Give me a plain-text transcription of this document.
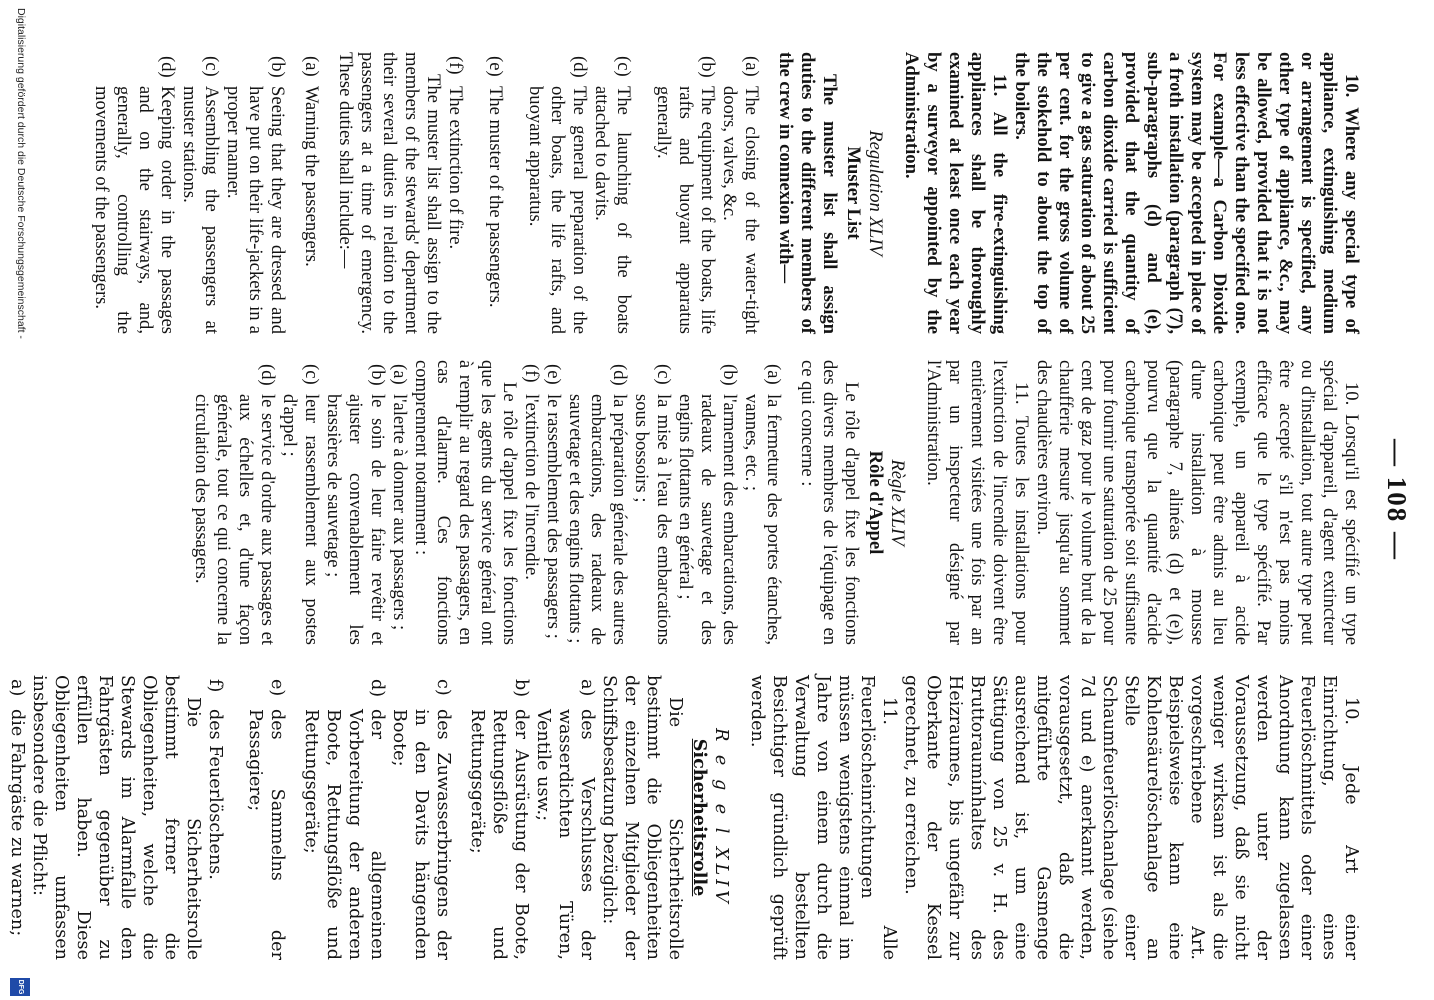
— 108 —

10. Where any special type of appliance, extinguishing medium or arrangement is specified, any other type of appliance, &c., may be allowed, provided that it is not less effective than the specified one. For example—a Carbon Dioxide system may be accepted in place of a froth installation (paragraph (7), sub-paragraphs (d) and (e), provided that the quantity of carbon dioxide carried is sufficient to give a gas saturation of about 25 per cent. for the gross volume of the stokehold to about the top of the boilers.

11. All the fire-extinguishing appliances shall be thoroughly examined at least once each year by a surveyor appointed by the Administration.

Regulation XLIV

Muster List

The muster list shall assign duties to the different members of the crew in connexion with—

(a)
The closing of the water-tight doors, valves, &c.

(b)
The equipment of the boats, life rafts and buoyant apparatus generally.

(c)
The launching of the boats attached to davits.

(d)
The general preparation of the other boats, the life rafts, and buoyant apparatus.

(e)
The muster of the passengers.

(f)
The extinction of fire.

The muster list shall assign to the members of the stewards' department their several duties in relation to the passengers at a time of emergency. These duties shall include:—

(a)
Warning the passengers.

(b)
Seeing that they are dressed and have put on their life-jackets in a proper manner.

(c)
Assembling the passengers at muster stations.

(d)
Keeping order in the passages and on the stairways, and, generally, controlling the movements of the passengers.

10. Lorsqu'il est spécifié un type spécial d'appareil, d'agent extincteur ou d'installation, tout autre type peut être accepté s'il n'est pas moins efficace que le type spécifié. Par exemple, un appareil à acide carbonique peut être admis au lieu d'une installation à mousse (paragraphe 7, alinéas (d) et (e)), pourvu que la quantité d'acide carbonique transportée soit suffisante pour fournir une saturation de 25 pour cent de gaz pour le volume brut de la chaufferie mesuré jusqu'au sommet des chaudières environ.

11. Toutes les installations pour l'extinction de l'incendie doivent être entièrement visitées une fois par an par un inspecteur désigné par l'Administration.

Règle XLIV

Rôle d'Appel

Le rôle d'appel fixe les fonctions des divers membres de l'équipage en ce qui concerne :

(a)
la fermeture des portes étanches, vannes, etc. ;

(b)
l'armement des embarcations, des radeaux de sauvetage et des engins flottants en général ;

(c)
la mise à l'eau des embarcations sous bossoirs ;

(d)
la préparation générale des autres embarcations, des radeaux de sauvetage et des engins flottants ;

(e)
le rassemblement des passagers ;

(f)
l'extinction de l'incendie.

Le rôle d'appel fixe les fonctions que les agents du service général ont à remplir au regard des passagers, en cas d'alarme. Ces fonctions comprennent notamment :

(a)
l'alerte à donner aux passagers ;

(b)
le soin de leur faire revêtir et ajuster convenablement les brassières de sauvetage ;

(c)
leur rassemblement aux postes d'appel ;

(d)
le service d'ordre aux passages et aux échelles et, d'une façon générale, tout ce qui concerne la circulation des passagers.

10. Jede Art einer Einrichtung, eines Feuerlöschmittels oder einer Anordnung kann zugelassen werden unter der Voraussetzung, daß sie nicht weniger wirksam ist als die vorgeschriebene Art. Beispielsweise kann eine Kohlensäurelöschanlage an Stelle einer Schaumfeuerlöschanlage (siehe 7d und e) anerkannt werden, vorausgesetzt, daß die mitgeführte Gasmenge ausreichend ist, um eine Sättigung von 25 v. H. des Bruttoraumínhaltes des Heizraumes, bis ungefähr zur Oberkante der Kessel gerechnet, zu erreichen.

11. Alle Feuerlöscheinrichtungen müssen wenigstens einmal im Jahre von einem durch die Verwaltung bestellten Besichtiger gründlich geprüft werden.

R e g e l XLIV

Sicherheitsrolle

Die Sicherheitsrolle bestimmt die Obliegenheiten der einzelnen Mitglieder der Schiffsbesatzung bezüglich:

a)
des Verschlusses der wasserdichten Türen, Ventile usw.;

b)
der Ausrüstung der Boote, Rettungsflöße und Rettungsgeräte;

c)
des Zuwasserbringens der in den Davits hängenden Boote;

d)
der allgemeinen Vorbereitung der anderen Boote, Rettungsflöße und Rettungsgeräte;

e)
des Sammelns der Passagiere;

f)
des Feuerlöschens.

Die Sicherheitsrolle bestimmt ferner die Obliegenheiten, welche die Stewards im Alarmfalle den Fahrgästen gegenüber zu erfüllen haben. Diese Obliegenheiten umfassen insbesondere die Pflicht:

a)
die Fahrgäste zu warnen;

Digitalisierung gefördert durch die Deutsche Forschungsgemeinschaft -
DFG
